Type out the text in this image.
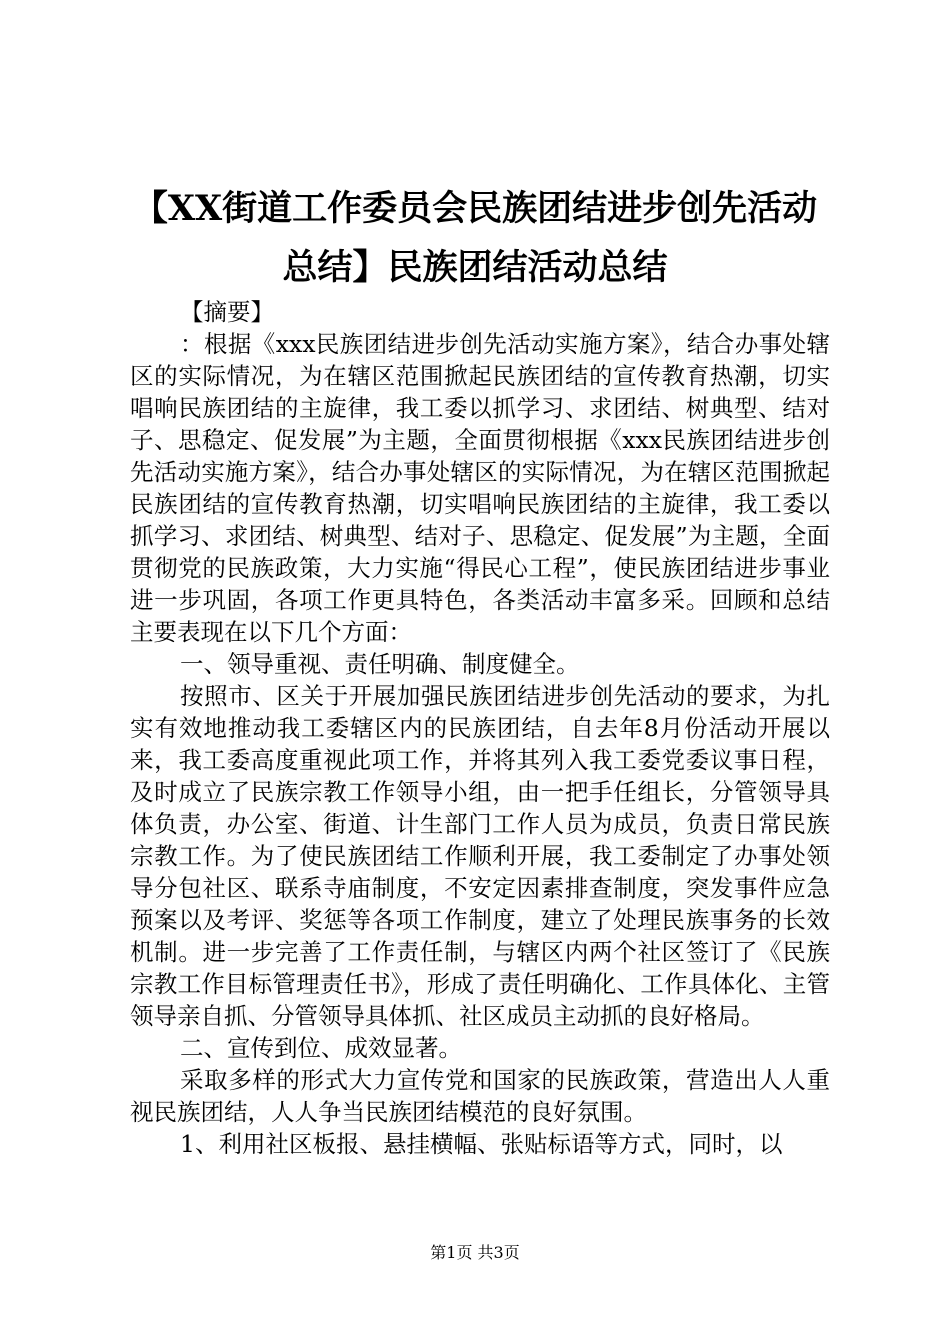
【XX街道工作委员会民族团结进步创先活动
总结】民族团结活动总结

【摘要】

：根据《xxx民族团结进步创先活动实施方案》，结合办事处辖区的实际情况，为在辖区范围掀起民族团结的宣传教育热潮，切实唱响民族团结的主旋律，我工委以抓学习、求团结、树典型、结对子、思稳定、促发展”为主题，全面贯彻根据《xxx民族团结进步创先活动实施方案》，结合办事处辖区的实际情况，为在辖区范围掀起民族团结的宣传教育热潮，切实唱响民族团结的主旋律，我工委以抓学习、求团结、树典型、结对子、思稳定、促发展”为主题，全面贯彻党的民族政策，大力实施“得民心工程”，使民族团结进步事业进一步巩固，各项工作更具特色，各类活动丰富多采。回顾和总结主要表现在以下几个方面：

一、领导重视、责任明确、制度健全。

按照市、区关于开展加强民族团结进步创先活动的要求，为扎实有效地推动我工委辖区内的民族团结，自去年8月份活动开展以来，我工委高度重视此项工作，并将其列入我工委党委议事日程，及时成立了民族宗教工作领导小组，由一把手任组长，分管领导具体负责，办公室、街道、计生部门工作人员为成员，负责日常民族宗教工作。为了使民族团结工作顺利开展，我工委制定了办事处领导分包社区、联系寺庙制度，不安定因素排查制度，突发事件应急预案以及考评、奖惩等各项工作制度，建立了处理民族事务的长效机制。进一步完善了工作责任制，与辖区内两个社区签订了《民族宗教工作目标管理责任书》，形成了责任明确化、工作具体化、主管领导亲自抓、分管领导具体抓、社区成员主动抓的良好格局。

二、宣传到位、成效显著。

采取多样的形式大力宣传党和国家的民族政策，营造出人人重视民族团结，人人争当民族团结模范的良好氛围。

1、利用社区板报、悬挂横幅、张贴标语等方式，同时，以

第1页 共3页
